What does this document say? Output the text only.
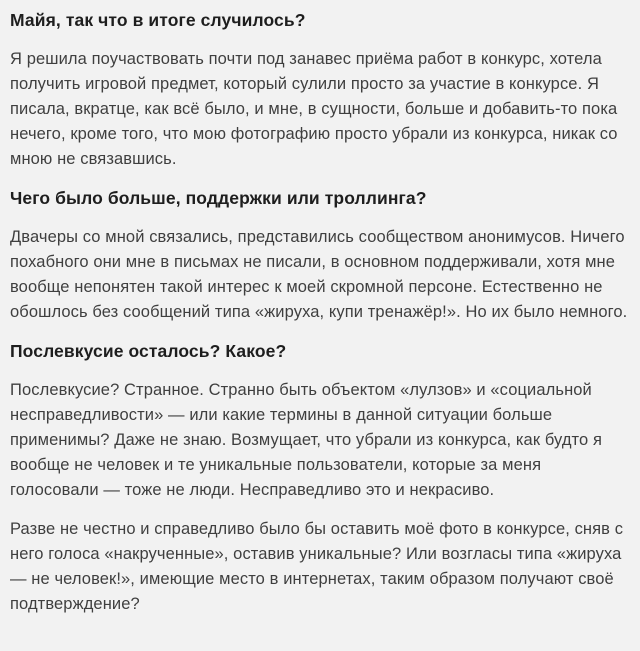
Майя, так что в итоге случилось?

Я решила поучаствовать почти под занавес приёма работ в конкурс, хотела получить игровой предмет, который сулили просто за участие в конкурсе. Я писала, вкратце, как всё было, и мне, в сущности, больше и добавить-то пока нечего, кроме того, что мою фотографию просто убрали из конкурса, никак со мною не связавшись.

Чего было больше, поддержки или троллинга?

Двачеры со мной связались, представились сообществом анонимусов. Ничего похабного они мне в письмах не писали, в основном поддерживали, хотя мне вообще непонятен такой интерес к моей скромной персоне. Естественно не обошлось без сообщений типа «жируха, купи тренажёр!». Но их было немного.

Послевкусие осталось? Какое?

Послевкусие? Странное. Странно быть объектом «лулзов» и «социальной несправедливости» — или какие термины в данной ситуации больше применимы? Даже не знаю. Возмущает, что убрали из конкурса, как будто я вообще не человек и те уникальные пользователи, которые за меня голосовали — тоже не люди. Несправедливо это и некрасиво.

Разве не честно и справедливо было бы оставить моё фото в конкурсе, сняв с него голоса «накрученные», оставив уникальные? Или возгласы типа «жируха — не человек!», имеющие место в интернетах, таким образом получают своё подтверждение?
